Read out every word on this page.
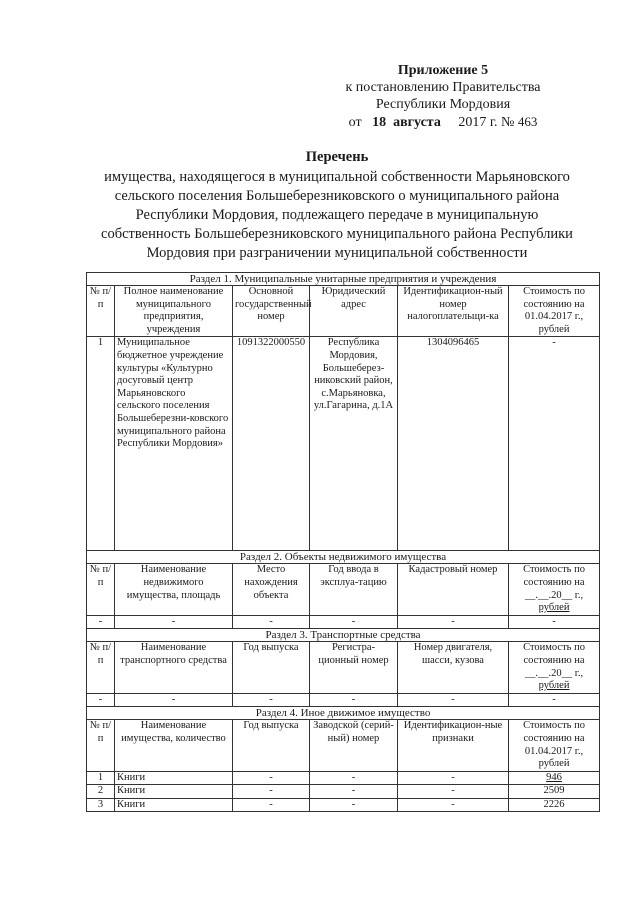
Приложение 5
к постановлению Правительства
Республики Мордовия
от 18 августа 2017 г. № 463
Перечень
имущества, находящегося в муниципальной собственности Марьяновского
сельского поселения Большеберезниковского о муниципального района
Республики Мордовия, подлежащего передаче в муниципальную
собственность Большеберезниковского муниципального района Республики
Мордовия при разграничении муниципальной собственности
Раздел 1. Муниципальные унитарные предприятия и учреждения					
№ п/п	Полное наименование муниципального предприятия, учреждения	Основной государственный номер	Юридический адрес	Идентификацион-ный номер налогоплательщи-ка	Стоимость по состоянию на 01.04.2017 г., рублей
1	Муниципальное бюджетное учреждение культуры «Культурно досуговый центр Марьяновского сельского поселения Большеберезни-ковского муниципального района Республики Мордовия»	1091322000550	Республика Мордовия, Большеберез-никовский район, с.Марьяновка, ул.Гагарина, д.1А	1304096465	-
Раздел 2. Объекты недвижимого имущества					
№ п/п	Наименование недвижимого имущества, площадь	Место нахождения объекта	Год ввода в эксплуа-тацию	Кадастровый номер	Стоимость по
состоянию на
__.__.20__ г.,
рублей

-	-	-	-	-	-
Раздел 3. Транспортные средства					
№ п/п	Наименование транспортного средства	Год выпуска	Регистра-ционный номер	Номер двигателя, шасси, кузова	Стоимость по
состоянию на
__.__.20__ г.,
рублей

-	-	-	-	-	-
Раздел 4. Иное движимое имущество					
№ п/п	Наименование имущества, количество	Год выпуска	Заводской (серий-ный) номер	Идентификацион-ные признаки	Стоимость по состоянию на 01.04.2017 г., рублей
1	Книги	-	-	-	946
2	Книги	-	-	-	2509
3	Книги	-	-	-	2226
